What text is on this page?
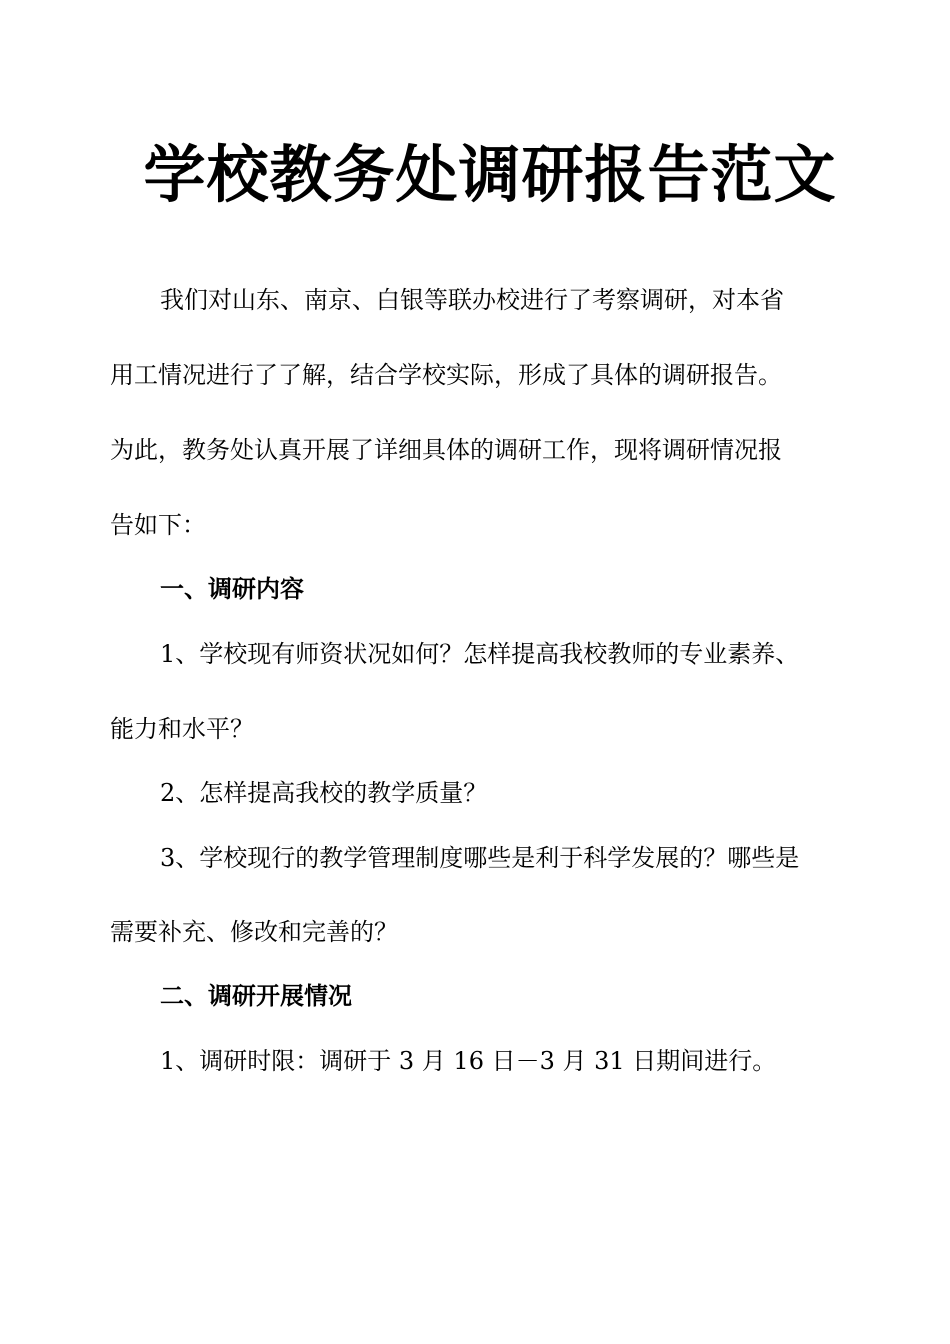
学校教务处调研报告范文
我们对山东、南京、白银等联办校进行了考察调研，对本省
用工情况进行了了解，结合学校实际，形成了具体的调研报告。
为此，教务处认真开展了详细具体的调研工作，现将调研情况报
告如下：
一、调研内容
1、学校现有师资状况如何？怎样提高我校教师的专业素养、
能力和水平？
2、怎样提高我校的教学质量？
3、学校现行的教学管理制度哪些是利于科学发展的？哪些是
需要补充、修改和完善的？
二、调研开展情况
1、调研时限：调研于 3 月 16 日－3 月 31 日期间进行。
